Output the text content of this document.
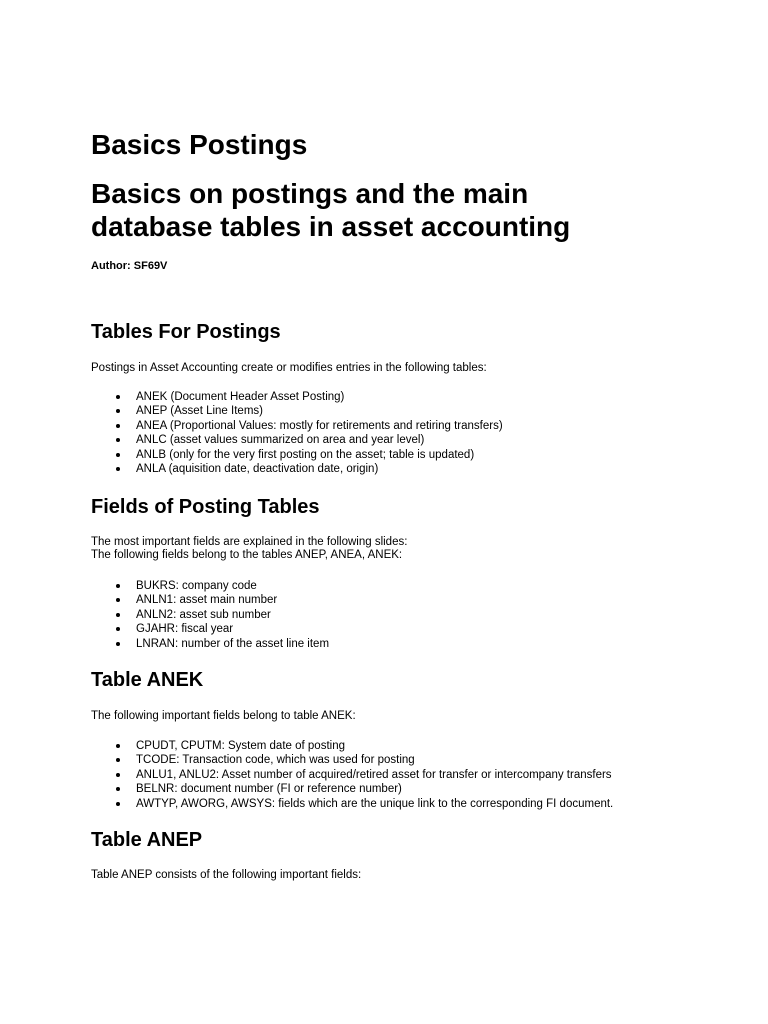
Basics Postings
Basics on postings and the main database tables in asset accounting

Author: SF69V

Tables For Postings

Postings in Asset Accounting create or modifies entries in the following tables:

ANEK (Document Header Asset Posting)
ANEP (Asset Line Items)
ANEA (Proportional Values: mostly for retirements and retiring transfers)
ANLC (asset values summarized on area and year level)
ANLB (only for the very first posting on the asset; table is updated)
ANLA (aquisition date, deactivation date, origin)
Fields of Posting Tables

The most important fields are explained in the following slides:

The following fields belong to the tables ANEP, ANEA, ANEK:

BUKRS: company code
ANLN1: asset main number
ANLN2: asset sub number
GJAHR: fiscal year
LNRAN: number of the asset line item
Table ANEK

The following important fields belong to table ANEK:

CPUDT, CPUTM: System date of posting
TCODE: Transaction code, which was used for posting
ANLU1, ANLU2: Asset number of acquired/retired asset for transfer or intercompany transfers
BELNR: document number (FI or reference number)
AWTYP, AWORG, AWSYS: fields which are the unique link to the corresponding FI document.
Table ANEP

Table ANEP consists of the following important fields:
